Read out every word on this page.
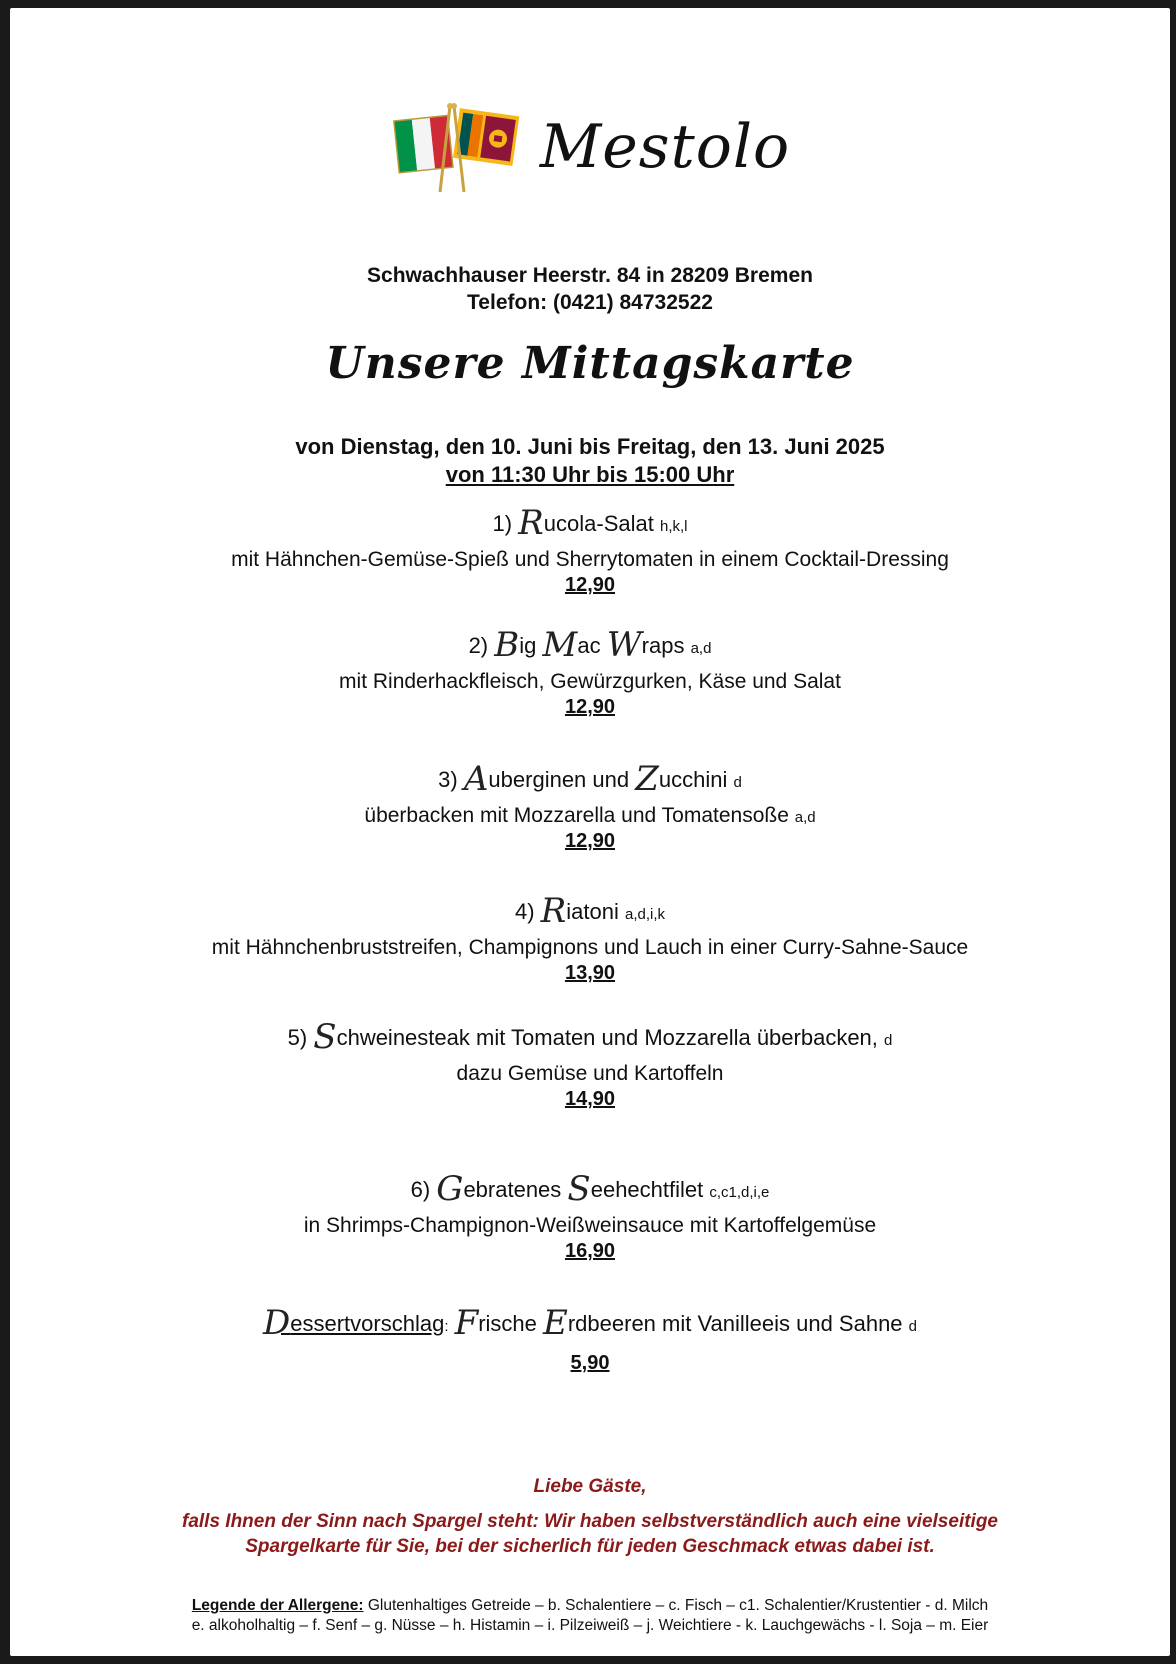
Mestolo
Schwachhauser Heerstr. 84 in 28209 Bremen
Telefon: (0421) 84732522
Unsere Mittagskarte
von Dienstag, den 10. Juni bis Freitag, den 13. Juni 2025
von 11:30 Uhr bis 15:00 Uhr
1) Rucola-Salat h,k,l
mit Hähnchen-Gemüse-Spieß und Sherrytomaten in einem Cocktail-Dressing
12,90
2) Big Mac Wraps a,d
mit Rinderhackfleisch, Gewürzgurken, Käse und Salat
12,90
3) Auberginen und Zucchini d
überbacken mit Mozzarella und Tomatensoße a,d
12,90
4) Riatoni a,d,i,k
mit Hähnchenbruststreifen, Champignons und Lauch in einer Curry-Sahne-Sauce
13,90
5) Schweinesteak mit Tomaten und Mozzarella überbacken, d
dazu Gemüse und Kartoffeln
14,90
6) Gebratenes Seehechtfilet c,c1,d,i,e
in Shrimps-Champignon-Weißweinsauce mit Kartoffelgemüse
16,90
Dessertvorschlag: Frische Erdbeeren mit Vanilleeis und Sahne d
5,90
Liebe Gäste,
falls Ihnen der Sinn nach Spargel steht: Wir haben selbstverständlich auch eine vielseitige
Spargelkarte für Sie, bei der sicherlich für jeden Geschmack etwas dabei ist.
Legende der Allergene: Glutenhaltiges Getreide – b. Schalentiere – c. Fisch – c1. Schalentier/Krustentier - d. Milch
e. alkoholhaltig – f. Senf – g. Nüsse – h. Histamin – i. Pilzeiweiß – j. Weichtiere - k. Lauchgewächs - l. Soja – m. Eier
